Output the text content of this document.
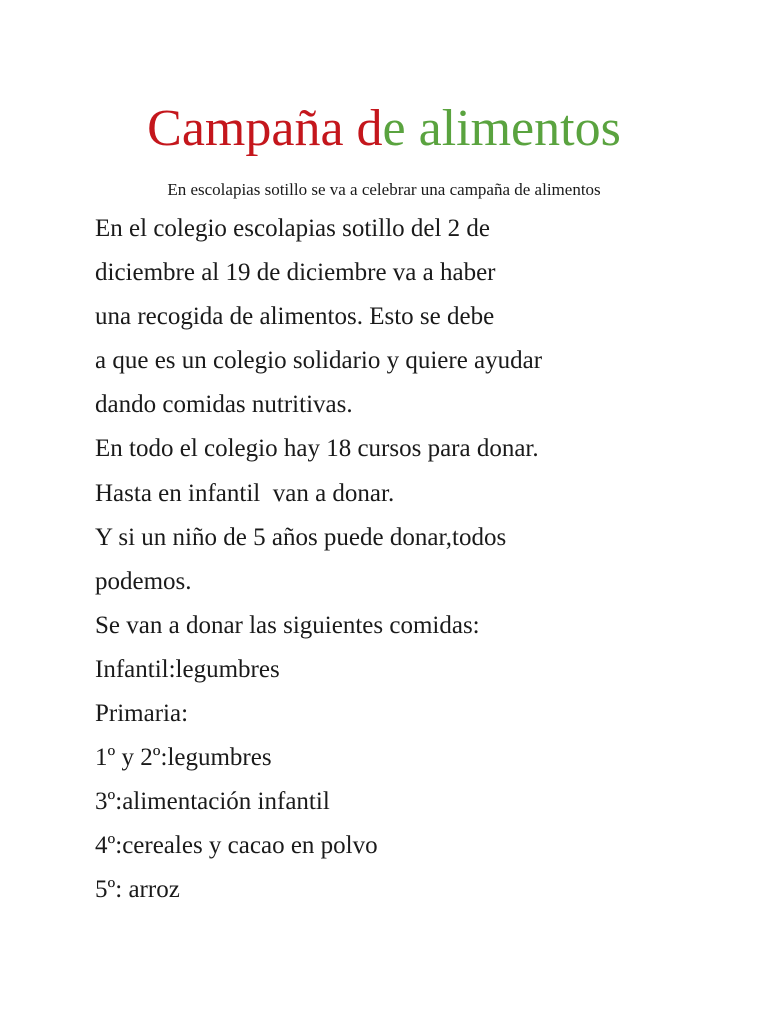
Campaña de alimentos

En escolapias sotillo se va a celebrar una campaña de alimentos

En el colegio escolapias sotillo del 2 de
diciembre al 19 de diciembre va a haber
una recogida de alimentos. Esto se debe
a que es un colegio solidario y quiere ayudar
dando comidas nutritivas.
En todo el colegio hay 18 cursos para donar.
Hasta en infantil  van a donar.
Y si un niño de 5 años puede donar,todos
podemos.
Se van a donar las siguientes comidas:
Infantil:legumbres
Primaria:
1º y 2º:legumbres
3º:alimentación infantil
4º:cereales y cacao en polvo
5º: arroz
